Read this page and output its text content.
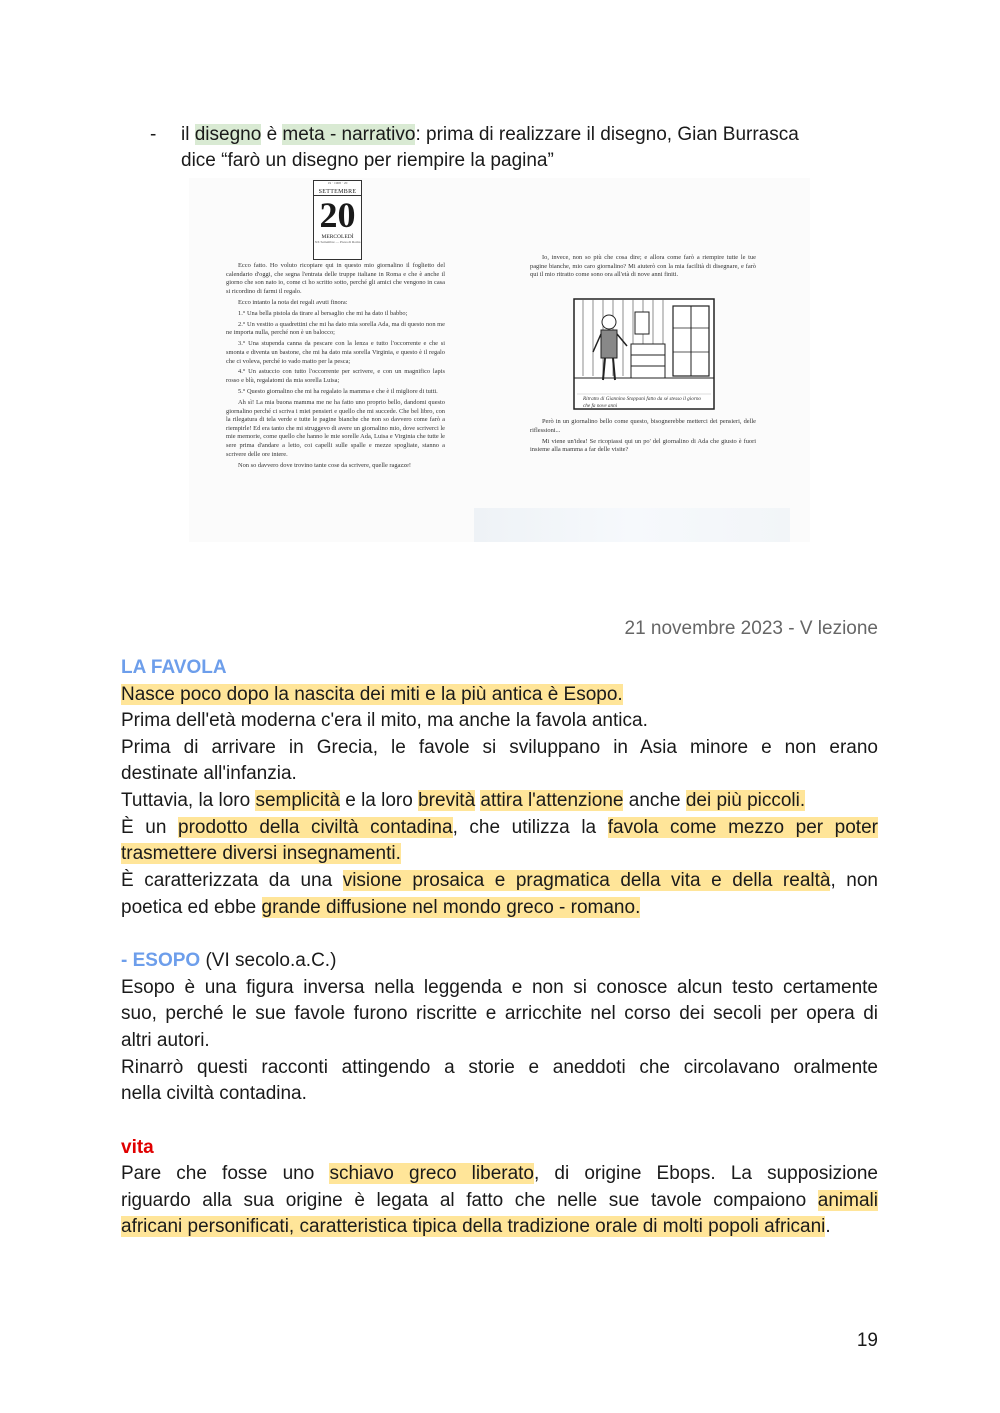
- il disegno è meta - narrativo: prima di realizzare il disegno, Gian Burrasca
dice “farò un disegno per riempire la pagina”
19 · 1908 · 20
SETTEMBRE
20
MERCOLEDÌ
XX Settembre — Presa di Roma

Ecco fatto. Ho voluto ricopiare qui in questo mio giornalino il foglietto del calendario d'oggi, che segna l'entrata delle truppe italiane in Roma e che è anche il giorno che son nato io, come ci ho scritto sotto, perché gli amici che vengono in casa si ricordino di farmi il regalo.

Ecco intanto la nota dei regali avuti finora:

1.° Una bella pistola da tirare al bersaglio che mi ha dato il babbo;

2.° Un vestito a quadrettini che mi ha dato mia sorella Ada, ma di questo non me ne importa nulla, perché non è un balocco;

3.° Una stupenda canna da pescare con la lenza e tutto l'occorrente e che si smonta e diventa un bastone, che mi ha dato mia sorella Virginia, e questo è il regalo che ci voleva, perché io vado matto per la pesca;

4.° Un astuccio con tutto l'occorrente per scrivere, e con un magnifico lapis rosso e blù, regalatomi da mia sorella Luisa;

5.° Questo giornalino che mi ha regalato la mamma e che è il migliore di tutti.

Ah sì! La mia buona mamma me ne ha fatto uno proprio bello, dandomi questo giornalino perché ci scriva i miei pensieri e quello che mi succede. Che bel libro, con la rilegatura di tela verde e tutte le pagine bianche che non so davvero come farò a riempirle! Ed era tanto che mi struggevo di avere un giornalino mio, dove scriverci le mie memorie, come quello che hanno le mie sorelle Ada, Luisa e Virginia che tutte le sere prima d'andare a letto, coi capelli sulle spalle e mezze spogliate, stanno a scrivere delle ore intere.

Non so davvero dove trovino tante cose da scrivere, quelle ragazze!

Io, invece, non so più che cosa dire; e allora come farò a riempire tutte le tue pagine bianche, mio caro giornalino? Mi aiuterò con la mia facilità di disegnare, e farò qui il mio ritratto come sono ora all'età di nove anni finiti.
Ritratto di Giannino Stoppani fatto da sé stesso il giorno che fa nove anni

Però in un giornalino bello come questo, bisognerebbe metterci dei pensieri, delle riflessioni...

Mi viene un'idea! Se ricopiassi qui un po' del giornalino di Ada che giusto è fuori insieme alla mamma a far delle visite?

21 novembre 2023 - V lezione
LA FAVOLA
Nasce poco dopo la nascita dei miti e la più antica è Esopo.
Prima dell'età moderna c'era il mito, ma anche la favola antica.
Prima di arrivare in Grecia, le favole si sviluppano in Asia minore e non erano
destinate all'infanzia.
Tuttavia, la loro semplicità e la loro brevità attira l'attenzione anche dei più piccoli.
È un prodotto della civiltà contadina, che utilizza la favola come mezzo per poter
trasmettere diversi insegnamenti.
È caratterizzata da una visione prosaica e pragmatica della vita e della realtà, non
poetica ed ebbe grande diffusione nel mondo greco - romano.
- ESOPO (VI secolo.a.C.)
Esopo è una figura inversa nella leggenda e non si conosce alcun testo certamente
suo, perché le sue favole furono riscritte e arricchite nel corso dei secoli per opera di
altri autori.
Rinarrò questi racconti attingendo a storie e aneddoti che circolavano oralmente
nella civiltà contadina.
vita
Pare che fosse uno schiavo greco liberato, di origine Ebops. La supposizione
riguardo alla sua origine è legata al fatto che nelle sue tavole compaiono animali
africani personificati, caratteristica tipica della tradizione orale di molti popoli africani.
19
